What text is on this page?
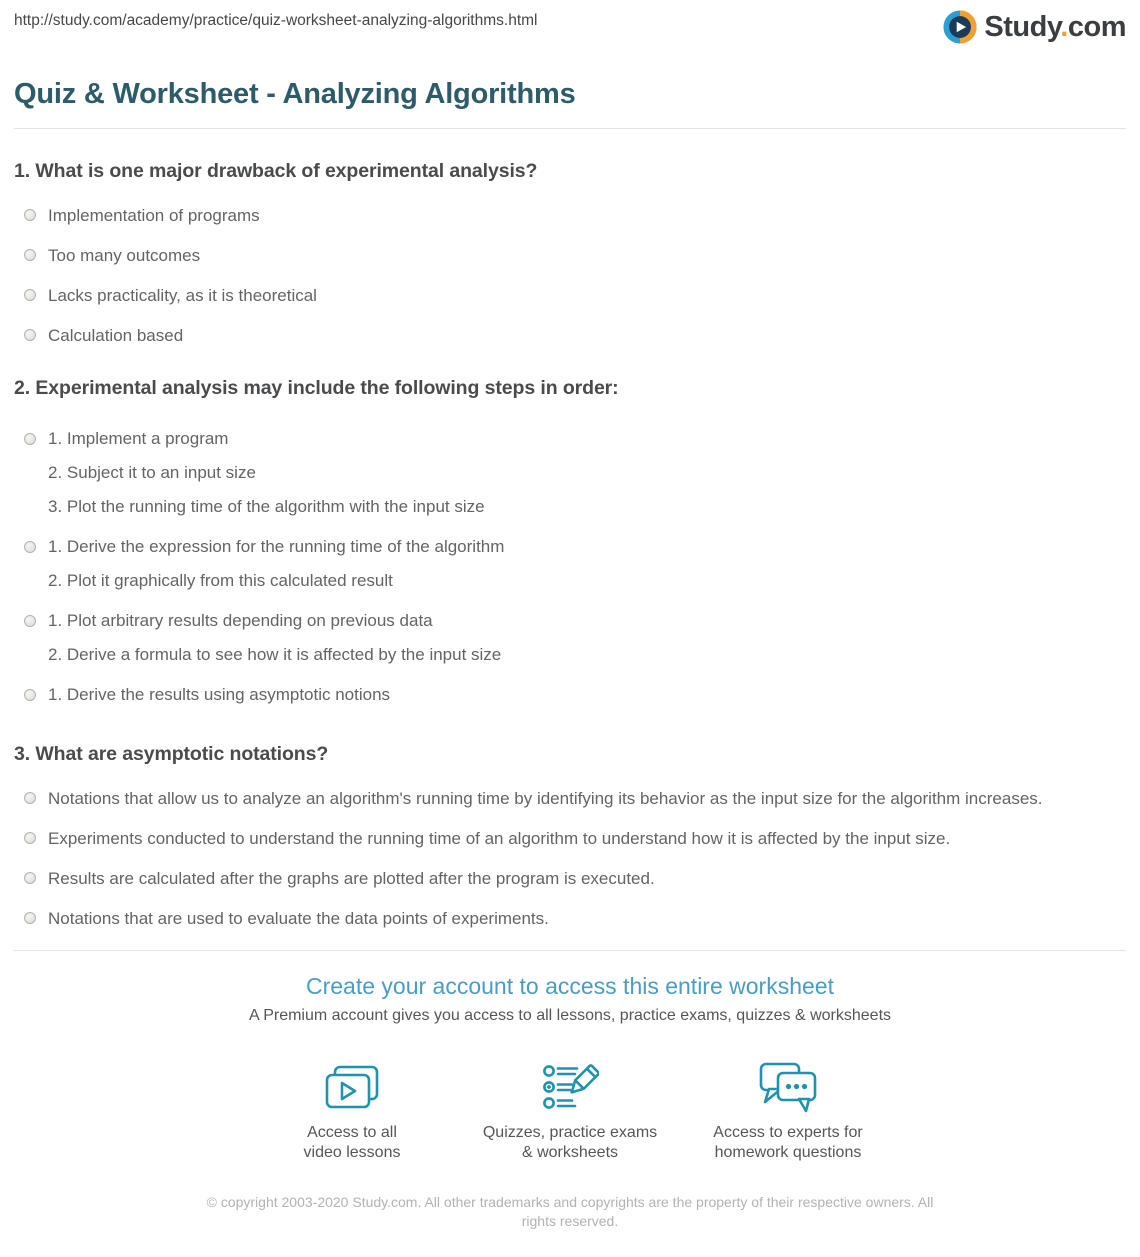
http://study.com/academy/practice/quiz-worksheet-analyzing-algorithms.html	Study.com
Quiz & Worksheet - Analyzing Algorithms
1. What is one major drawback of experimental analysis?
Implementation of programs
Too many outcomes
Lacks practicality, as it is theoretical
Calculation based
2. Experimental analysis may include the following steps in order:
1. Implement a program
2. Subject it to an input size
3. Plot the running time of the algorithm with the input size
1. Derive the expression for the running time of the algorithm
2. Plot it graphically from this calculated result
1. Plot arbitrary results depending on previous data
2. Derive a formula to see how it is affected by the input size
1. Derive the results using asymptotic notions
3. What are asymptotic notations?
Notations that allow us to analyze an algorithm's running time by identifying its behavior as the input size for the algorithm increases.
Experiments conducted to understand the running time of an algorithm to understand how it is affected by the input size.
Results are calculated after the graphs are plotted after the program is executed.
Notations that are used to evaluate the data points of experiments.
Create your account to access this entire worksheet

A Premium account gives you access to all lessons, practice exams, quizzes & worksheets

Access to all
video lessons
Quizzes, practice exams
& worksheets
Access to experts for
homework questions

© copyright 2003-2020 Study.com. All other trademarks and copyrights are the property of their respective owners. All rights reserved.
